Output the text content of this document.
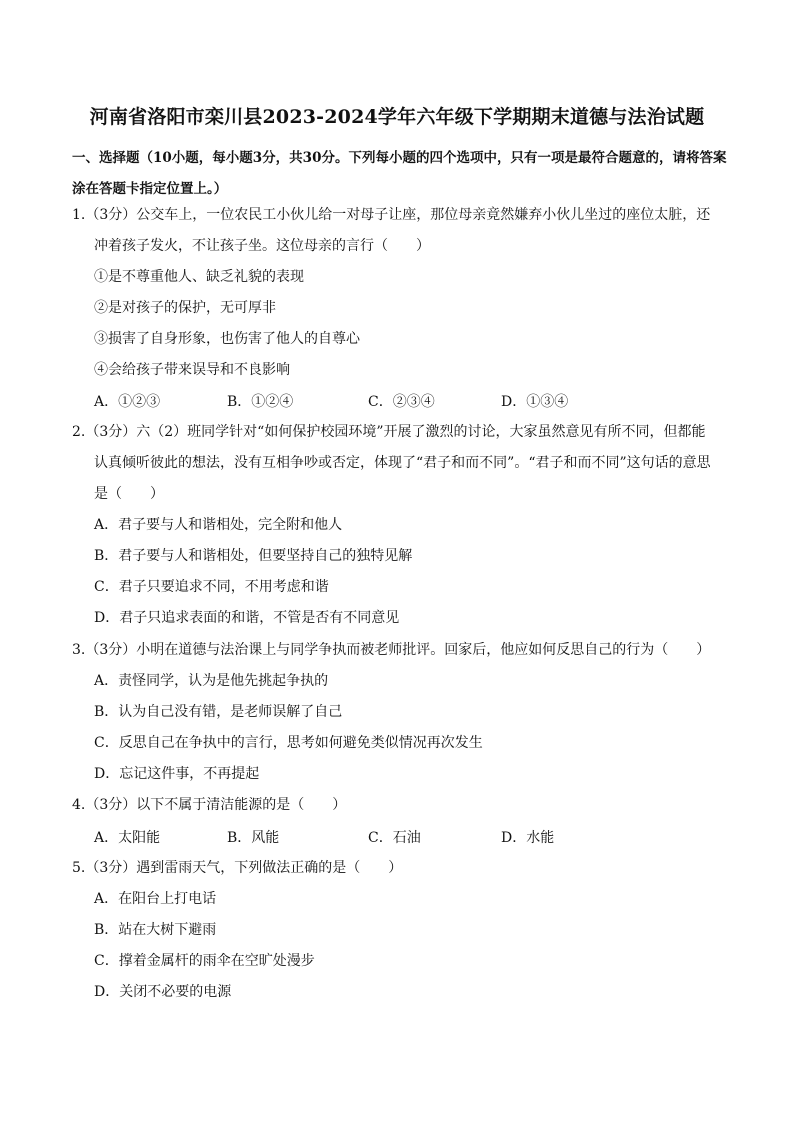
河南省洛阳市栾川县2023-2024学年六年级下学期期末道德与法治试题
一、选择题（10小题，每小题3分，共30分。下列每小题的四个选项中，只有一项是最符合题意的，请将答案涂在答题卡指定位置上。）
1.（3分）公交车上，一位农民工小伙儿给一对母子让座，那位母亲竟然嫌弃小伙儿坐过的座位太脏，还
冲着孩子发火，不让孩子坐。这位母亲的言行（　　）
①是不尊重他人、缺乏礼貌的表现
②是对孩子的保护，无可厚非
③损害了自身形象，也伤害了他人的自尊心
④会给孩子带来误导和不良影响
A．①②③	B．①②④	C．②③④	D．①③④
2.（3分）六（2）班同学针对“如何保护校园环境”开展了激烈的讨论，大家虽然意见有所不同，但都能
认真倾听彼此的想法，没有互相争吵或否定，体现了“君子和而不同”。“君子和而不同”这句话的意思
是（　　）
A．君子要与人和谐相处，完全附和他人
B．君子要与人和谐相处，但要坚持自己的独特见解
C．君子只要追求不同，不用考虑和谐
D．君子只追求表面的和谐，不管是否有不同意见
3.（3分）小明在道德与法治课上与同学争执而被老师批评。回家后，他应如何反思自己的行为（　　）
A．责怪同学，认为是他先挑起争执的
B．认为自己没有错，是老师误解了自己
C．反思自己在争执中的言行，思考如何避免类似情况再次发生
D．忘记这件事，不再提起
4.（3分）以下不属于清洁能源的是（　　）
A．太阳能	B．风能	C．石油	D．水能
5.（3分）遇到雷雨天气，下列做法正确的是（　　）
A．在阳台上打电话
B．站在大树下避雨
C．撑着金属杆的雨伞在空旷处漫步
D．关闭不必要的电源
